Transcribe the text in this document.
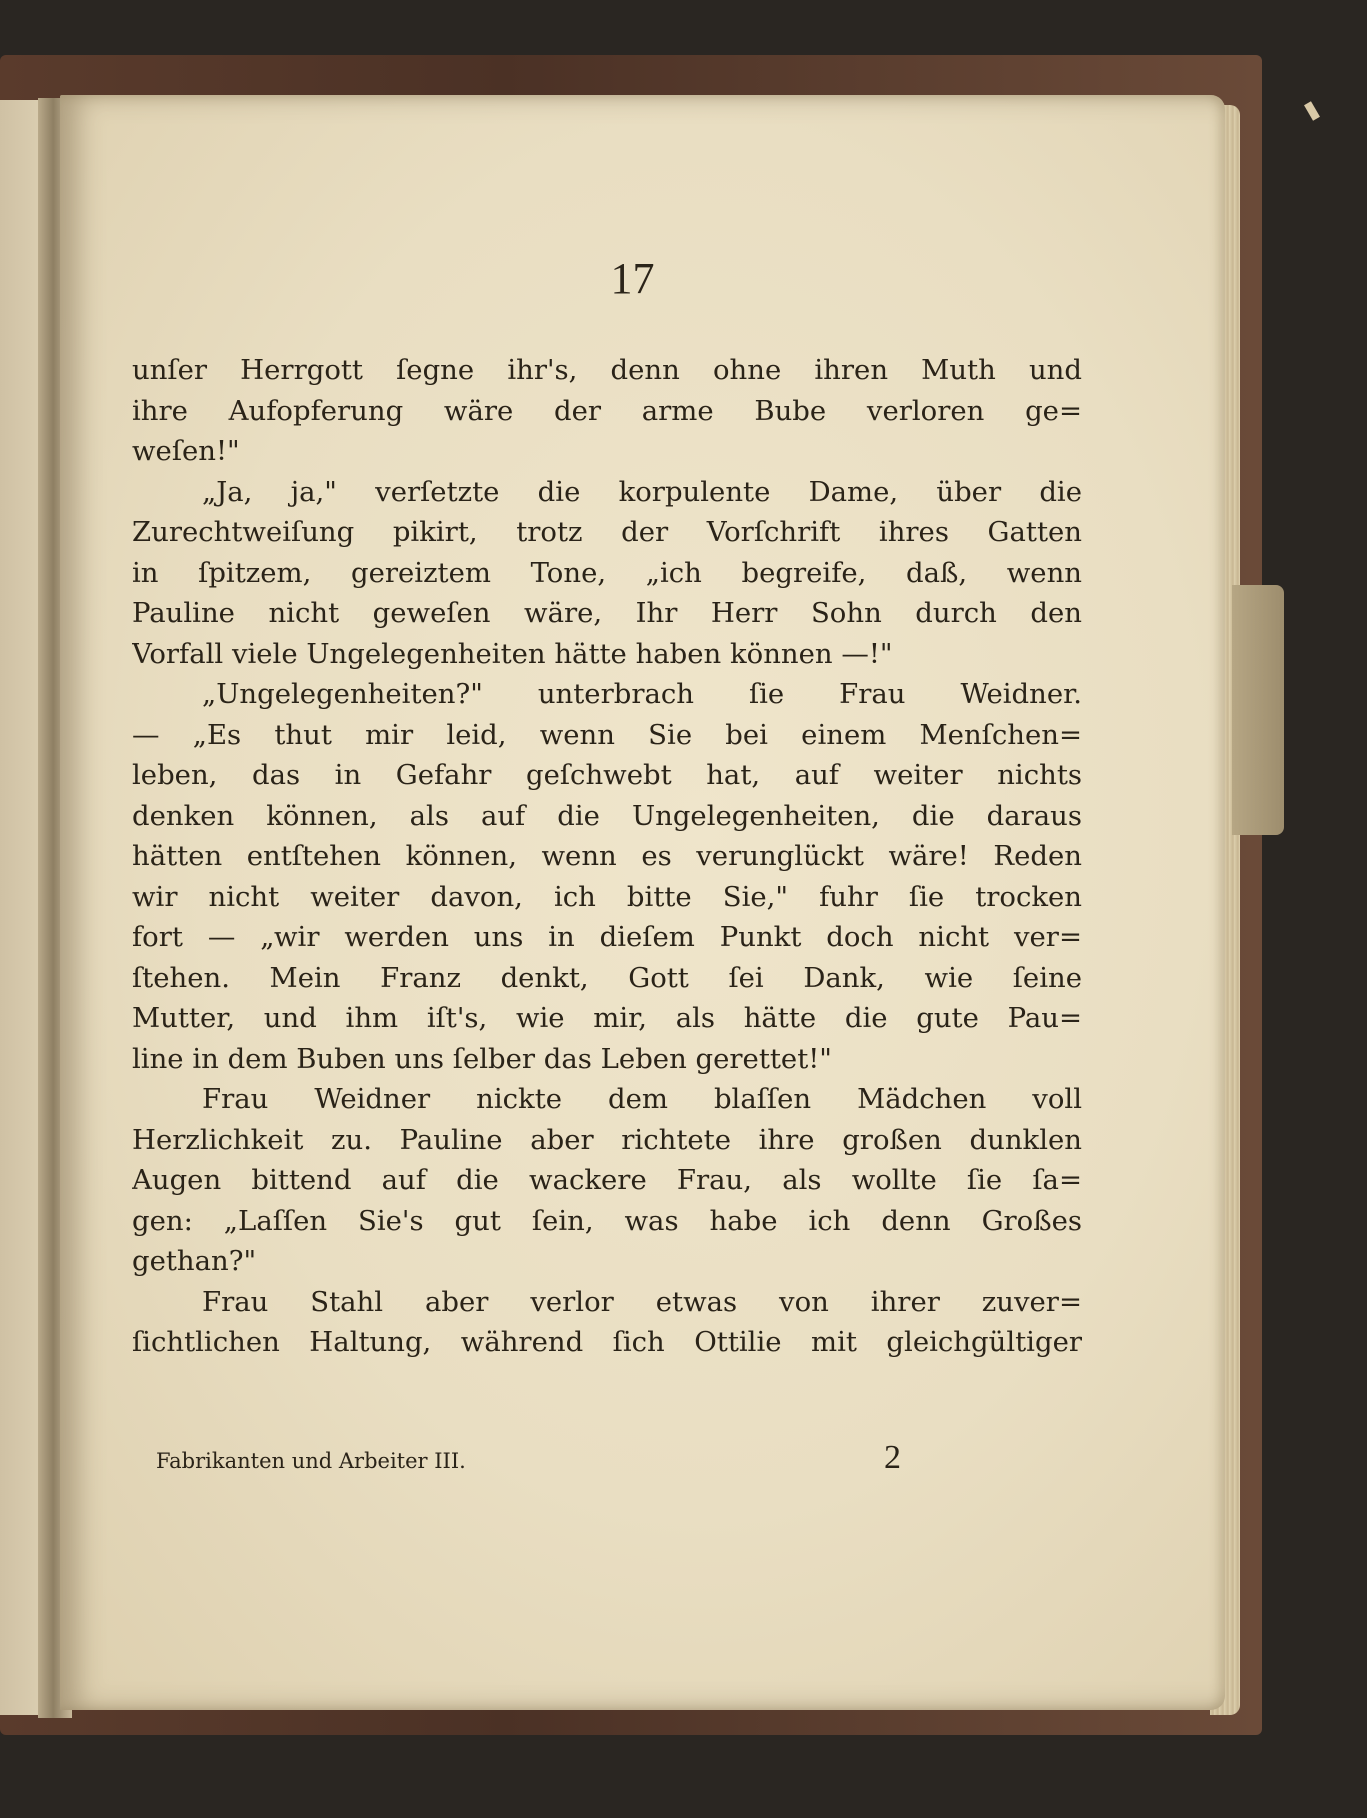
17
unſer Herrgott ſegne ihr's, denn ohne ihren Muth und
ihre Aufopferung wäre der arme Bube verloren ge=
weſen!"
„Ja, ja," verſetzte die korpulente Dame, über die
Zurechtweiſung pikirt, trotz der Vorſchrift ihres Gatten
in ſpitzem, gereiztem Tone, „ich begreife, daß, wenn
Pauline nicht geweſen wäre, Ihr Herr Sohn durch den
Vorfall viele Ungelegenheiten hätte haben können —!"
„Ungelegenheiten?" unterbrach ſie Frau Weidner.
— „Es thut mir leid, wenn Sie bei einem Menſchen=
leben, das in Gefahr geſchwebt hat, auf weiter nichts
denken können, als auf die Ungelegenheiten, die daraus
hätten entſtehen können, wenn es verunglückt wäre! Reden
wir nicht weiter davon, ich bitte Sie," fuhr ſie trocken
fort — „wir werden uns in dieſem Punkt doch nicht ver=
ſtehen. Mein Franz denkt, Gott ſei Dank, wie ſeine
Mutter, und ihm iſt's, wie mir, als hätte die gute Pau=
line in dem Buben uns ſelber das Leben gerettet!"
Frau Weidner nickte dem blaſſen Mädchen voll
Herzlichkeit zu. Pauline aber richtete ihre großen dunklen
Augen bittend auf die wackere Frau, als wollte ſie ſa=
gen: „Laſſen Sie's gut ſein, was habe ich denn Großes
gethan?"
Frau Stahl aber verlor etwas von ihrer zuver=
ſichtlichen Haltung, während ſich Ottilie mit gleichgültiger
Fabrikanten und Arbeiter III.	2
